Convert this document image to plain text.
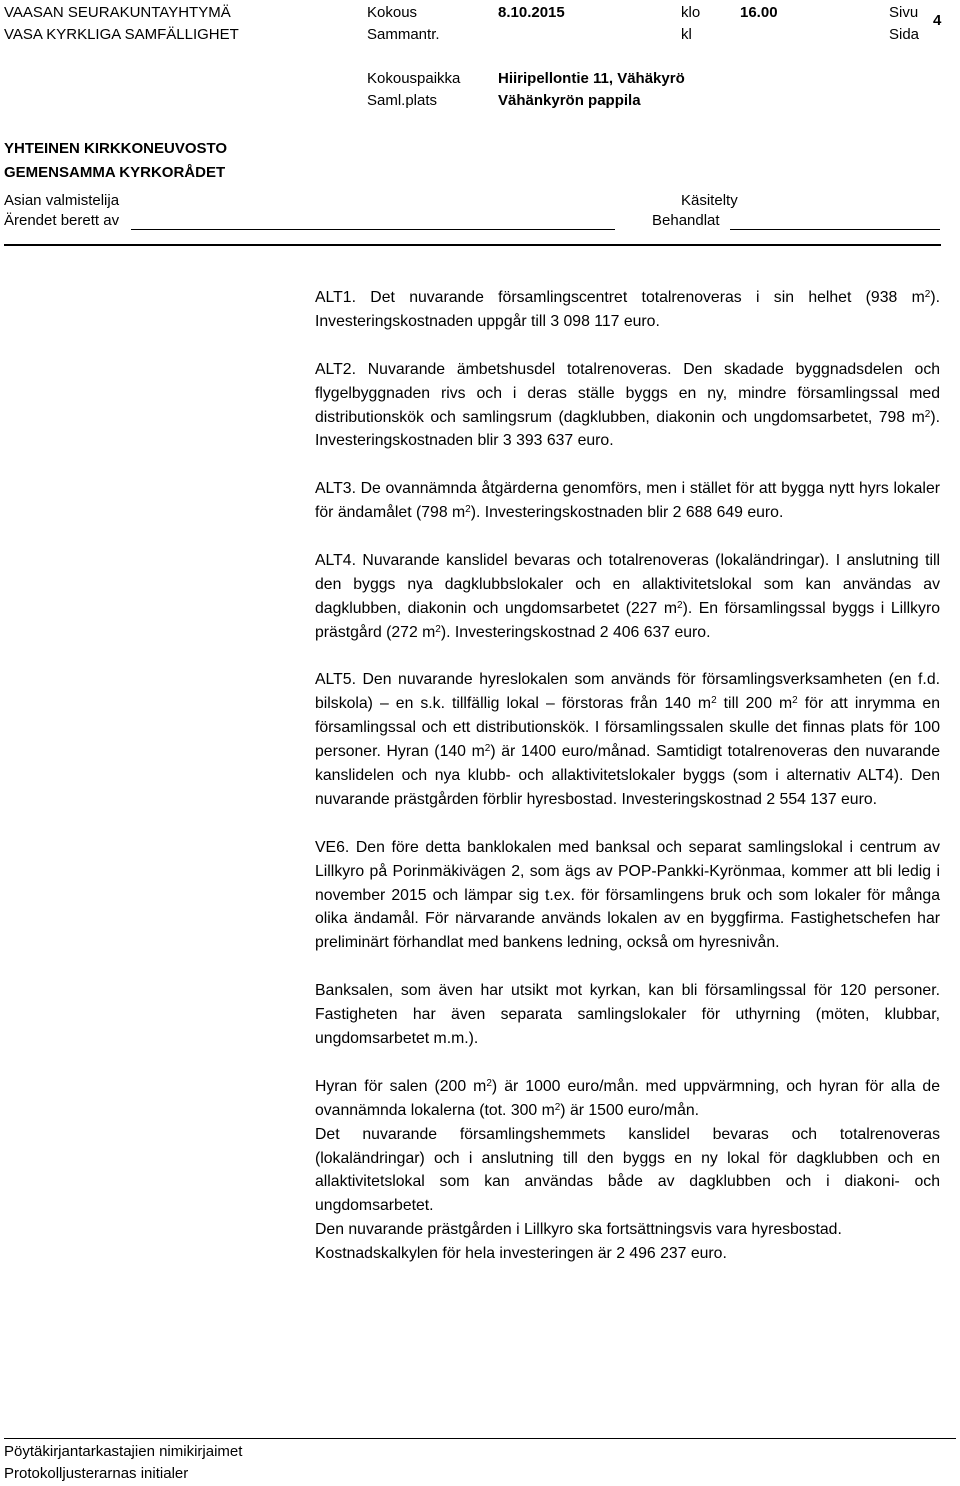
VAASAN SEURAKUNTAYHTYMÄ
VASA KYRKLIGA SAMFÄLLIGHET
Kokous
Sammantr.
8.10.2015	klo
kl
16.00	Sivu
Sida
4
Kokouspaikka
Saml.plats
Hiiripellontie 11, Vähäkyrö
Vähänkyrön pappila
YHTEINEN KIRKKONEUVOSTO
GEMENSAMMA KYRKORÅDET
Asian valmistelija
Ärendet berett av
Käsitelty
Behandlat

ALT1. Det nuvarande församlingscentret totalrenoveras i sin helhet (938 $m^2$). Investeringskostnaden uppgår till 3 098 117 euro.

ALT2. Nuvarande ämbetshusdel totalrenoveras. Den skadade byggnadsdelen och flygelbyggnaden rivs och i deras ställe byggs en ny, mindre församlingssal med distributionskök och samlingsrum (dagklubben, diakonin och ungdomsarbetet, 798 $m^2$). Investeringskostnaden blir 3 393 637 euro.

ALT3. De ovannämnda åtgärderna genomförs, men i stället för att bygga nytt hyrs lokaler för ändamålet (798 $m^2$). Investeringskostnaden blir 2 688 649 euro.

ALT4. Nuvarande kanslidel bevaras och totalrenoveras (lokaländringar). I anslutning till den byggs nya dagklubbslokaler och en allaktivitetslokal som kan användas av dagklubben, diakonin och ungdomsarbetet (227 $m^2$). En församlingssal byggs i Lillkyro prästgård (272 $m^2$). Investeringskostnad 2 406 637 euro.

ALT5. Den nuvarande hyreslokalen som används för församlingsverksamheten (en f.d. bilskola) – en s.k. tillfällig lokal – förstoras från 140 $m^2$ till 200 $m^2$ för att inrymma en församlingssal och ett distributionskök. I församlingssalen skulle det finnas plats för 100 personer. Hyran (140 $m^2$) är 1400 euro/månad. Samtidigt totalrenoveras den nuvarande kanslidelen och nya klubb- och allaktivitetslokaler byggs (som i alternativ ALT4). Den nuvarande prästgården förblir hyresbostad. Investeringskostnad 2 554 137 euro.

VE6. Den före detta banklokalen med banksal och separat samlingslokal i centrum av Lillkyro på Porinmäkivägen 2, som ägs av POP-Pankki-Kyrönmaa, kommer att bli ledig i november 2015 och lämpar sig t.ex. för församlingens bruk och som lokaler för många olika ändamål. För närvarande används lokalen av en byggfirma. Fastighetschefen har preliminärt förhandlat med bankens ledning, också om hyresnivån.

Banksalen, som även har utsikt mot kyrkan, kan bli församlingssal för 120 personer. Fastigheten har även separata samlingslokaler för uthyrning (möten, klubbar, ungdomsarbetet m.m.).

Hyran för salen (200 $m^2$) är 1000 euro/mån. med uppvärmning, och hyran för alla de ovannämnda lokalerna (tot. 300 $m^2$) är 1500 euro/mån.

Det nuvarande församlingshemmets kanslidel bevaras och totalrenoveras (lokaländringar) och i anslutning till den byggs en ny lokal för dagklubben och en allaktivitetslokal som kan användas både av dagklubben och i diakoni- och ungdomsarbetet.

Den nuvarande prästgården i Lillkyro ska fortsättningsvis vara hyresbostad.

Kostnadskalkylen för hela investeringen är 2 496 237 euro.

Pöytäkirjantarkastajien nimikirjaimet
Protokolljusterarnas initialer
